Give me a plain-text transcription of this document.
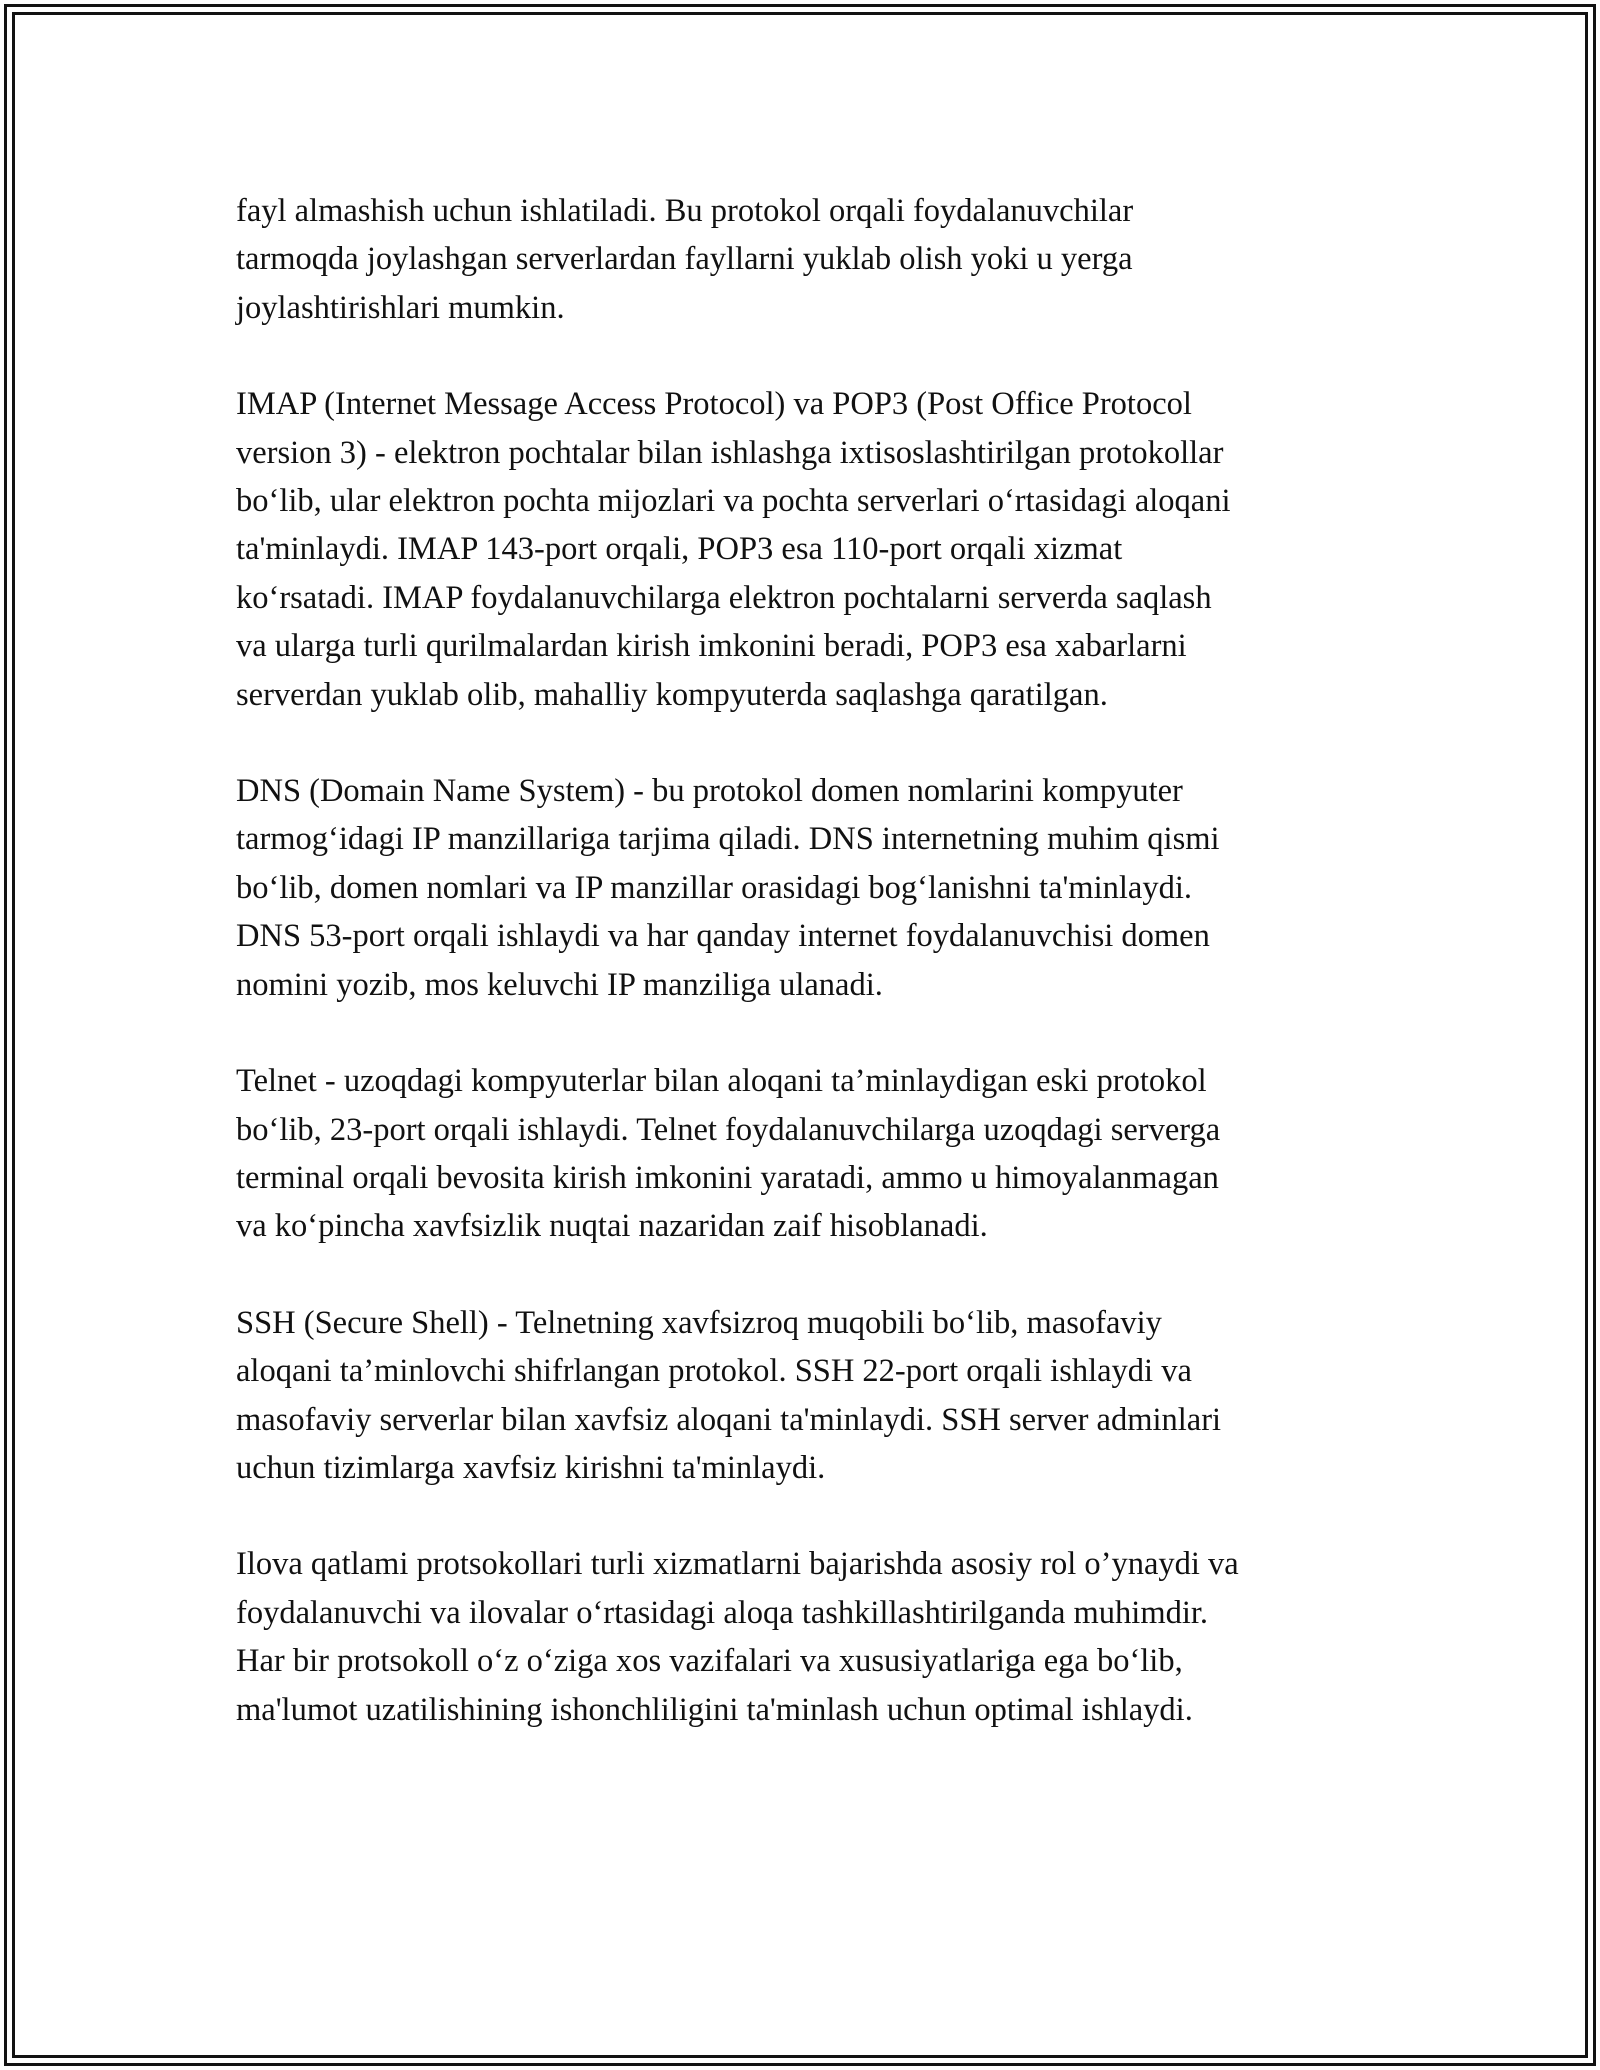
fayl almashish uchun ishlatiladi. Bu protokol orqali foydalanuvchilar
tarmoqda joylashgan serverlardan fayllarni yuklab olish yoki u yerga
joylashtirishlari mumkin.

IMAP (Internet Message Access Protocol) va POP3 (Post Office Protocol
version 3) - elektron pochtalar bilan ishlashga ixtisoslashtirilgan protokollar
bo‘lib, ular elektron pochta mijozlari va pochta serverlari o‘rtasidagi aloqani
ta'minlaydi. IMAP 143-port orqali, POP3 esa 110-port orqali xizmat
ko‘rsatadi. IMAP foydalanuvchilarga elektron pochtalarni serverda saqlash
va ularga turli qurilmalardan kirish imkonini beradi, POP3 esa xabarlarni
serverdan yuklab olib, mahalliy kompyuterda saqlashga qaratilgan.

DNS (Domain Name System) - bu protokol domen nomlarini kompyuter
tarmog‘idagi IP manzillariga tarjima qiladi. DNS internetning muhim qismi
bo‘lib, domen nomlari va IP manzillar orasidagi bog‘lanishni ta'minlaydi.
DNS 53-port orqali ishlaydi va har qanday internet foydalanuvchisi domen
nomini yozib, mos keluvchi IP manziliga ulanadi.

Telnet - uzoqdagi kompyuterlar bilan aloqani ta’minlaydigan eski protokol
bo‘lib, 23-port orqali ishlaydi. Telnet foydalanuvchilarga uzoqdagi serverga
terminal orqali bevosita kirish imkonini yaratadi, ammo u himoyalanmagan
va ko‘pincha xavfsizlik nuqtai nazaridan zaif hisoblanadi.

SSH (Secure Shell) - Telnetning xavfsizroq muqobili bo‘lib, masofaviy
aloqani ta’minlovchi shifrlangan protokol. SSH 22-port orqali ishlaydi va
masofaviy serverlar bilan xavfsiz aloqani ta'minlaydi. SSH server adminlari
uchun tizimlarga xavfsiz kirishni ta'minlaydi.

Ilova qatlami protsokollari turli xizmatlarni bajarishda asosiy rol o’ynaydi va
foydalanuvchi va ilovalar o‘rtasidagi aloqa tashkillashtirilganda muhimdir.
Har bir protsokoll o‘z o‘ziga xos vazifalari va xususiyatlariga ega bo‘lib,
ma'lumot uzatilishining ishonchliligini ta'minlash uchun optimal ishlaydi.
